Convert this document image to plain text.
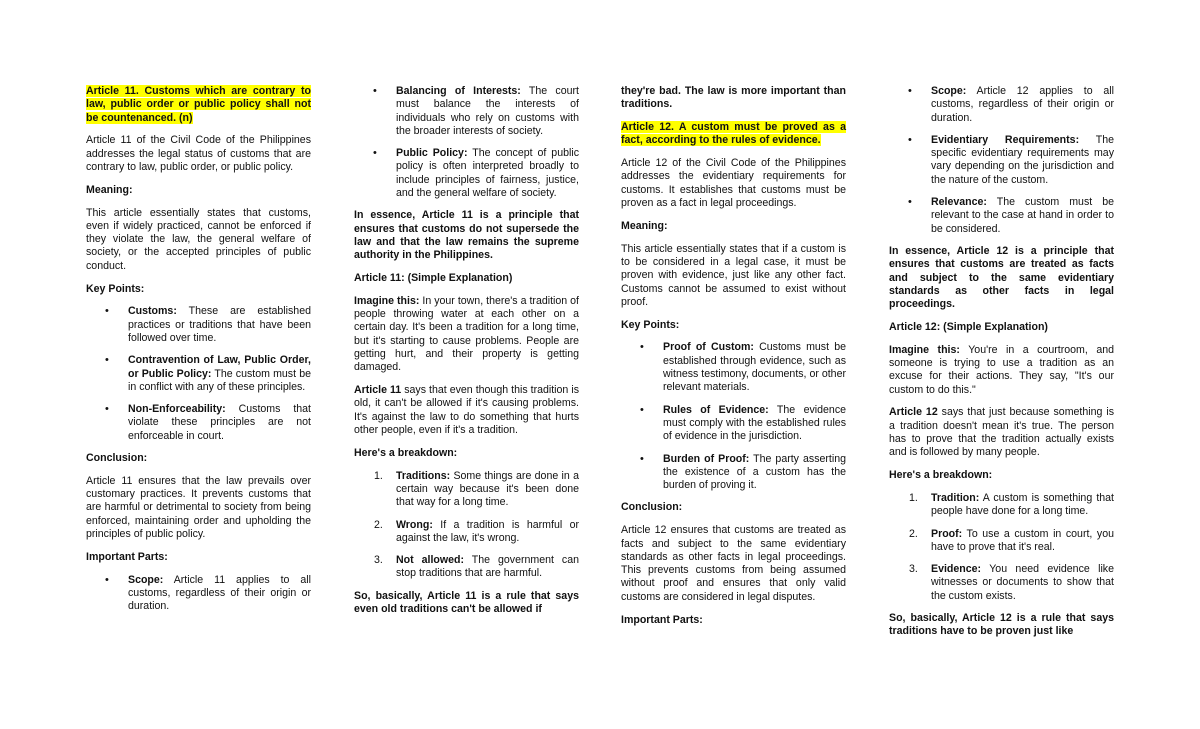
Article 11. Customs which are contrary to law, public order or public policy shall not be countenanced. (n)

Article 11 of the Civil Code of the Philippines addresses the legal status of customs that are contrary to law, public order, or public policy.

Meaning:

This article essentially states that customs, even if widely practiced, cannot be enforced if they violate the law, the general welfare of society, or the accepted principles of public conduct.

Key Points:

• Customs: These are established practices or traditions that have been followed over time.
• Contravention of Law, Public Order, or Public Policy: The custom must be in conflict with any of these principles.
• Non-Enforceability: Customs that violate these principles are not enforceable in court.

Conclusion:

Article 11 ensures that the law prevails over customary practices. It prevents customs that are harmful or detrimental to society from being enforced, maintaining order and upholding the principles of public policy.

Important Parts:

• Scope: Article 11 applies to all customs, regardless of their origin or duration.
• Balancing of Interests: The court must balance the interests of individuals who rely on customs with the broader interests of society.
• Public Policy: The concept of public policy is often interpreted broadly to include principles of fairness, justice, and the general welfare of society.

In essence, Article 11 is a principle that ensures that customs do not supersede the law and that the law remains the supreme authority in the Philippines.

Article 11: (Simple Explanation)

Imagine this: In your town, there's a tradition of people throwing water at each other on a certain day. It's been a tradition for a long time, but it's starting to cause problems. People are getting hurt, and their property is getting damaged.

Article 11 says that even though this tradition is old, it can't be allowed if it's causing problems. It's against the law to do something that hurts other people, even if it's a tradition.

Here's a breakdown:

1. Traditions: Some things are done in a certain way because it's been done that way for a long time.
2. Wrong: If a tradition is harmful or against the law, it's wrong.
3. Not allowed: The government can stop traditions that are harmful.

So, basically, Article 11 is a rule that says even old traditions can't be allowed if

they're bad. The law is more important than traditions.

Article 12. A custom must be proved as a fact, according to the rules of evidence.

Article 12 of the Civil Code of the Philippines addresses the evidentiary requirements for customs. It establishes that customs must be proven as a fact in legal proceedings.

Meaning:

This article essentially states that if a custom is to be considered in a legal case, it must be proven with evidence, just like any other fact. Customs cannot be assumed to exist without proof.

Key Points:

• Proof of Custom: Customs must be established through evidence, such as witness testimony, documents, or other relevant materials.
• Rules of Evidence: The evidence must comply with the established rules of evidence in the jurisdiction.
• Burden of Proof: The party asserting the existence of a custom has the burden of proving it.

Conclusion:

Article 12 ensures that customs are treated as facts and subject to the same evidentiary standards as other facts in legal proceedings. This prevents customs from being assumed without proof and ensures that only valid customs are considered in legal disputes.

Important Parts:

• Scope: Article 12 applies to all customs, regardless of their origin or duration.
• Evidentiary Requirements: The specific evidentiary requirements may vary depending on the jurisdiction and the nature of the custom.
• Relevance: The custom must be relevant to the case at hand in order to be considered.

In essence, Article 12 is a principle that ensures that customs are treated as facts and subject to the same evidentiary standards as other facts in legal proceedings.

Article 12: (Simple Explanation)

Imagine this: You're in a courtroom, and someone is trying to use a tradition as an excuse for their actions. They say, "It's our custom to do this."

Article 12 says that just because something is a tradition doesn't mean it's true. The person has to prove that the tradition actually exists and is followed by many people.

Here's a breakdown:

1. Tradition: A custom is something that people have done for a long time.
2. Proof: To use a custom in court, you have to prove that it's real.
3. Evidence: You need evidence like witnesses or documents to show that the custom exists.

So, basically, Article 12 is a rule that says traditions have to be proven just like
